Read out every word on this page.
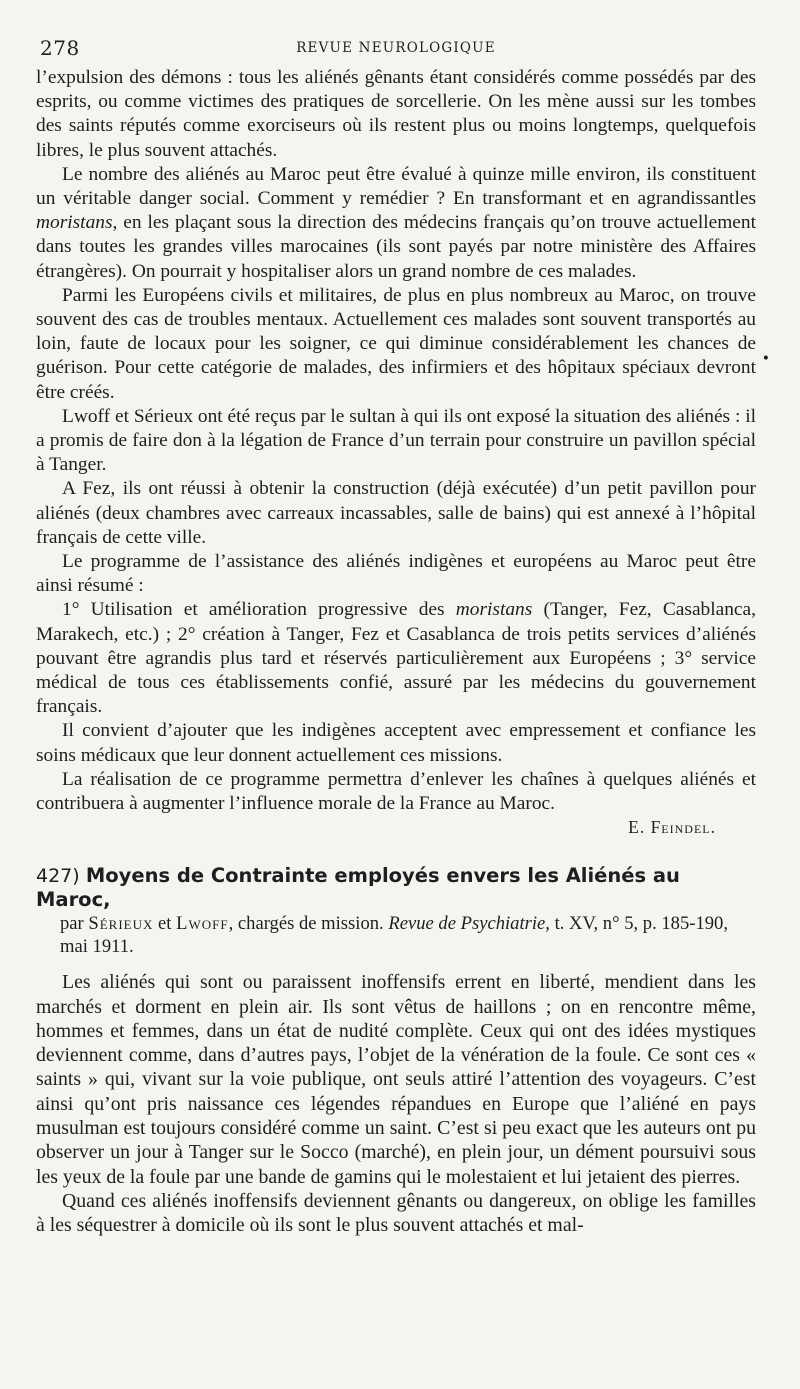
278	REVUE NEUROLOGIQUE

l’expulsion des démons : tous les aliénés gênants étant considérés comme possédés par des esprits, ou comme victimes des pratiques de sorcellerie. On les mène aussi sur les tombes des saints réputés comme exorciseurs où ils restent plus ou moins longtemps, quelquefois libres, le plus souvent attachés.

Le nombre des aliénés au Maroc peut être évalué à quinze mille environ, ils constituent un véritable danger social. Comment y remédier ? En transformant et en agrandissantles moristans, en les plaçant sous la direction des médecins français qu’on trouve actuellement dans toutes les grandes villes marocaines (ils sont payés par notre ministère des Affaires étrangères). On pourrait y hospitaliser alors un grand nombre de ces malades.

Parmi les Européens civils et militaires, de plus en plus nombreux au Maroc, on trouve souvent des cas de troubles mentaux. Actuellement ces malades sont souvent transportés au loin, faute de locaux pour les soigner, ce qui diminue considérablement les chances de guérison. Pour cette catégorie de malades, des infirmiers et des hôpitaux spéciaux devront être créés.

Lwoff et Sérieux ont été reçus par le sultan à qui ils ont exposé la situation des aliénés : il a promis de faire don à la légation de France d’un terrain pour construire un pavillon spécial à Tanger.

A Fez, ils ont réussi à obtenir la construction (déjà exécutée) d’un petit pavillon pour aliénés (deux chambres avec carreaux incassables, salle de bains) qui est annexé à l’hôpital français de cette ville.

Le programme de l’assistance des aliénés indigènes et européens au Maroc peut être ainsi résumé :

1° Utilisation et amélioration progressive des moristans (Tanger, Fez, Casablanca, Marakech, etc.) ; 2° création à Tanger, Fez et Casablanca de trois petits services d’aliénés pouvant être agrandis plus tard et réservés particulièrement aux Européens ; 3° service médical de tous ces établissements confié, assuré par les médecins du gouvernement français.

Il convient d’ajouter que les indigènes acceptent avec empressement et confiance les soins médicaux que leur donnent actuellement ces missions.

La réalisation de ce programme permettra d’enlever les chaînes à quelques aliénés et contribuera à augmenter l’influence morale de la France au Maroc.

E. Feindel.
427) Moyens de Contrainte employés envers les Aliénés au Maroc,
par Sérieux et Lwoff, chargés de mission. Revue de Psychiatrie, t. XV, n° 5, p. 185-190, mai 1911.

Les aliénés qui sont ou paraissent inoffensifs errent en liberté, mendient dans les marchés et dorment en plein air. Ils sont vêtus de haillons ; on en rencontre même, hommes et femmes, dans un état de nudité complète. Ceux qui ont des idées mystiques deviennent comme, dans d’autres pays, l’objet de la vénération de la foule. Ce sont ces « saints » qui, vivant sur la voie publique, ont seuls attiré l’attention des voyageurs. C’est ainsi qu’ont pris naissance ces légendes répandues en Europe que l’aliéné en pays musulman est toujours considéré comme un saint. C’est si peu exact que les auteurs ont pu observer un jour à Tanger sur le Socco (marché), en plein jour, un dément poursuivi sous les yeux de la foule par une bande de gamins qui le molestaient et lui jetaient des pierres.

Quand ces aliénés inoffensifs deviennent gênants ou dangereux, on oblige les familles à les séquestrer à domicile où ils sont le plus souvent attachés et mal-

•
